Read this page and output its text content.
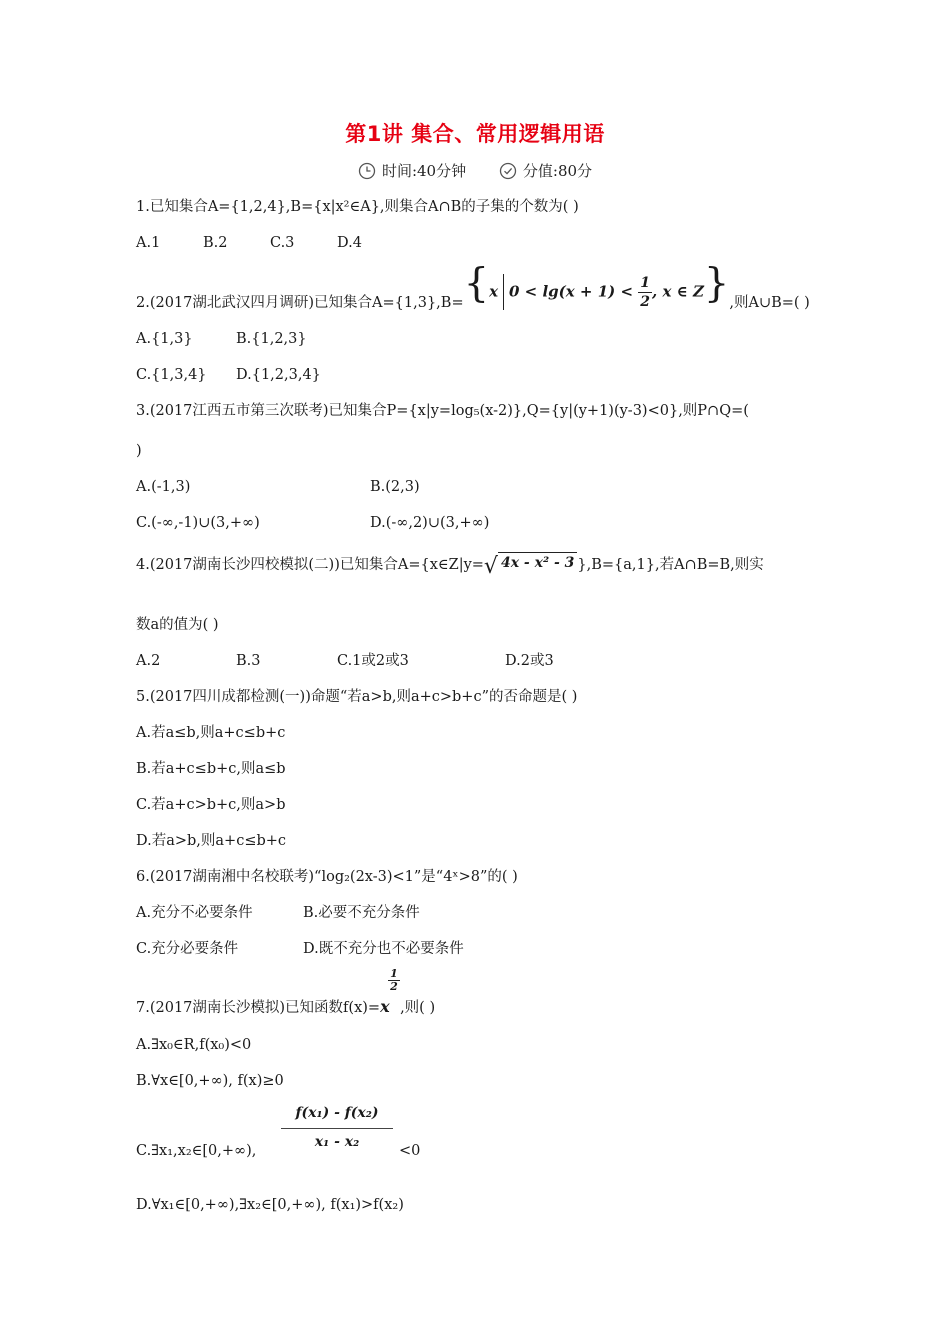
第1讲 集合、常用逻辑用语
时间:40分钟	分值:80分
1.已知集合A={1,2,4},B={x|x²∈A},则集合A∩B的子集的个数为( )
A.1	B.2	C.3	D.4
2.(2017湖北武汉四月调研)已知集合A={1,3},B={x $0 < \lg(x + 1) < \frac{1}{2}$ , x ∈ Z},则A∪B=( )
A.{1,3}	B.{1,2,3}
C.{1,3,4} D.{1,2,3,4}
3.(2017江西五市第三次联考)已知集合P={x|y=log₅(x-2)},Q={y|(y+1)(y-3)<0},则P∩Q=(
)
A.(-1,3)	B.(2,3)
C.(-∞,-1)∪(3,+∞)	D.(-∞,2)∪(3,+∞)
4.(2017湖南长沙四校模拟(二))已知集合A={x∈Z|y=√ 4x - x² - 3 },B={a,1},若A∩B=B,则实
数a的值为( )
A.2	B.3	C.1或2或3	D.2或3
5.(2017四川成都检测(一))命题“若a>b,则a+c>b+c”的否命题是( )
A.若a≤b,则a+c≤b+c
B.若a+c≤b+c,则a≤b
C.若a+c>b+c,则a>b
D.若a>b,则a+c≤b+c
6.(2017湖南湘中名校联考)“log₂(2x-3)<1”是“4ˣ>8”的( )
A.充分不必要条件	B.必要不充分条件
C.充分必要条件	D.既不充分也不必要条件
7.(2017湖南长沙模拟)已知函数f(x)=x
$\frac{1}{2}$
,则( )
A.∃x₀∈R,f(x₀)<0
B.∀x∈[0,+∞), f(x)≥0
C.∃x₁,x₂∈[0,+∞), $\frac{\text{f(x₁) - f(x₂)}}{\text{x₁ - x₂}} <0$
D.∀x₁∈[0,+∞),∃x₂∈[0,+∞), f(x₁)>f(x₂)
